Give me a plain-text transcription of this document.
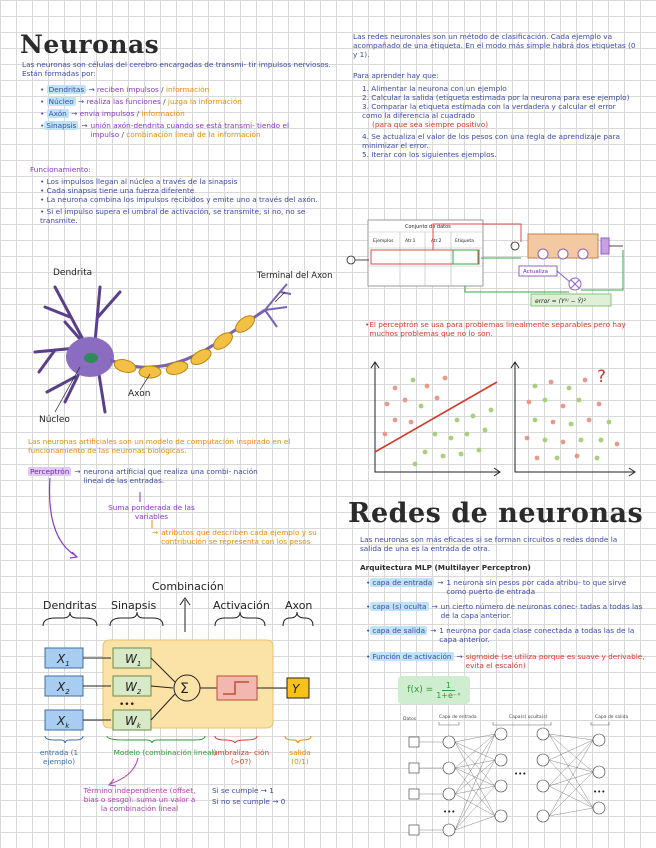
Neuronas
Las neuronas son células del cerebro encargadas de transmi- tir impulsos nerviosos. Están formadas por:
• Dendritas → reciben impulsos / información
• Núcleo → realiza las funciones / juzga la información
• Axón → envía impulsos / información
•
Sinapsis → unión axón-dendrita cuando se está transmi- tiendo el impulso / combinación lineal de la información
Funcionamiento:
• Los impulsos llegan al núcleo a través de la sinapsis
• Cada sinapsis tiene una fuerza diferente
• La neurona combina los impulsos recibidos y emite uno a través del axón.
• Si el impulso supera el umbral de activación, se transmite; si no, no se transmite.
Dendrita	Terminal del Axon
Axon
Núcleo
Las neuronas artificiales son un modelo de computación inspirado en el funcionamiento de las neuronas biológicas.
Perceptrón → neurona artificial que realiza una combi- nación lineal de las entradas.
Suma ponderada de las variables
→ atributos que describen cada ejemplo y su contribución se representa con los pesos
Combinación
Dendritas Sinapsis	Activación Axon
$X_1$
$X_2$
$X_k$
$W_1$
$W_2$
$W_k$
•••
Σ	Y
entrada (1 ejemplo)
Modelo (combinación lineal)
umbraliza- ción (>0?)
salida (0/1)
Término independiente (offset, bias o sesgo): suma un valor a la combinación lineal
Si se cumple → 1
Si no se cumple → 0
Las redes neuronales son un método de clasificación. Cada ejemplo va acompañado de una etiqueta. En el modo más simple habrá dos etiquetas (0 y 1).
Para aprender hay que:
1. Alimentar la neurona con un ejemplo
2. Calcular la salida (etiqueta estimada por la neurona para ese ejemplo)
3. Comparar la etiqueta estimada con la verdadera y calcular el error como la diferencia al cuadrado
(para que sea siempre positivo)
4. Se actualiza el valor de los pesos con una regla de aprendizaje para minimizar el error.
5. Iterar con los siguientes ejemplos.
Conjunto de datos
Ejemplos	Atr.1	Atr.2	Etiqueta
Actualiza
error = (Y⁽ⁱ⁾ − Ŷ)²
•
El perceptrón se usa para problemas linealmente separables pero hay muchos problemas que no lo son.
?
Redes de neuronas
Las neuronas son más eficaces si se forman circuitos o redes donde la salida de una es la entrada de otra.
Arquitectura MLP (Multilayer Perceptron)
•
capa de entrada → 1 neurona sin pesos por cada atribu- to que sirve como puerto de entrada
•
capa (s) oculta → un cierto número de neuronas conec- tadas a todas las de la capa anterior.
•
capa de salida → 1 neurona por cada clase conectada a todas las de la capa anterior.
•
Función de activación → sigmoide (se utiliza porque es suave y derivable, evita el escalón)
$f(x) = \frac{1}{\text{1+e⁻ˣ}}$
Datos	Capa de entrada	Capa(s) oculta(s)	Capa de salida
•••
•••
•••
